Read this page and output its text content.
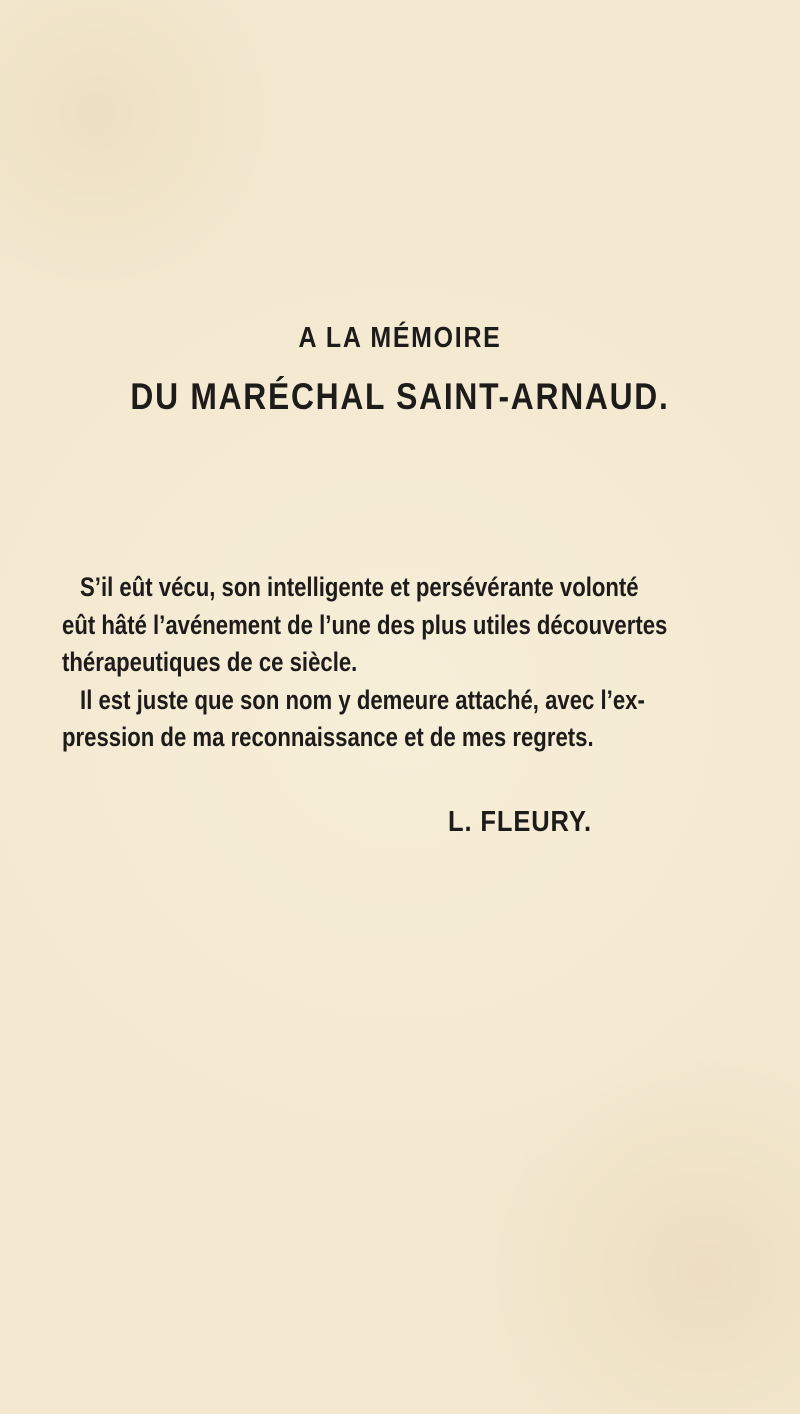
A LA MÉMOIRE
DU MARÉCHAL SAINT-ARNAUD.
S’il eût vécu, son intelligente et persévérante volonté
eût hâté l’avénement de l’une des plus utiles découvertes
thérapeutiques de ce siècle.
Il est juste que son nom y demeure attaché, avec l’ex-
pression de ma reconnaissance et de mes regrets.
L. FLEURY.
